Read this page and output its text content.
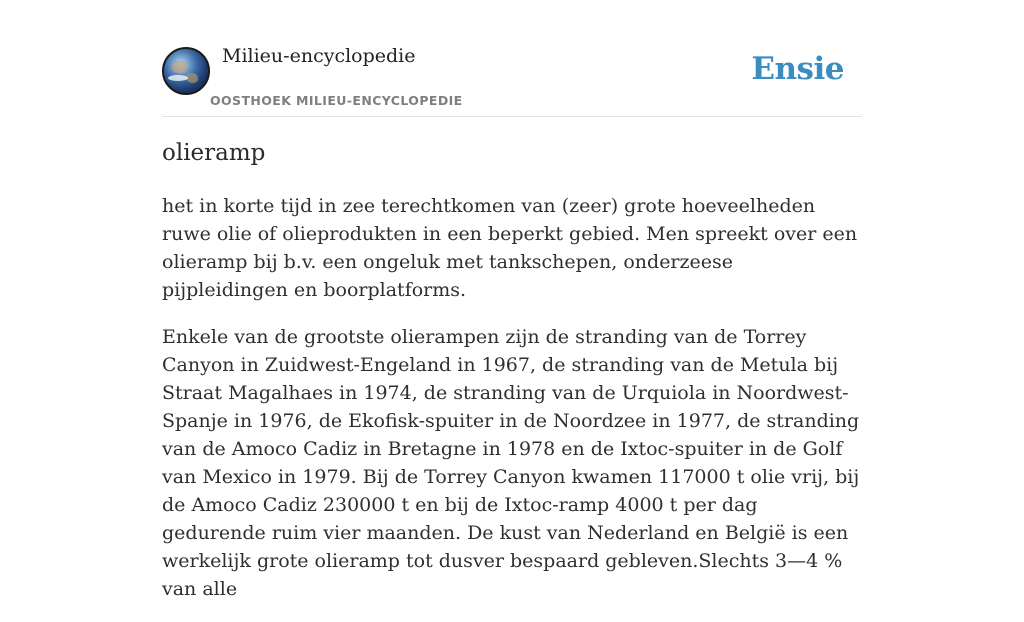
Milieu-encyclopedie
OOSTHOEK MILIEU-ENCYCLOPEDIE
Ensie
olieramp

het in korte tijd in zee terechtkomen van (zeer) grote hoeveelheden ruwe olie of olieprodukten in een beperkt gebied. Men spreekt over een olieramp bij b.v. een ongeluk met tankschepen, onderzeese pijpleidingen en boorplatforms.

Enkele van de grootste olierampen zijn de stranding van de Torrey Canyon in Zuidwest-Engeland in 1967, de stranding van de Metula bij Straat Magalhaes in 1974, de stranding van de Urquiola in Noordwest-Spanje in 1976, de Ekofisk-spuiter in de Noordzee in 1977, de stranding van de Amoco Cadiz in Bretagne in 1978 en de Ixtoc-spuiter in de Golf van Mexico in 1979. Bij de Torrey Canyon kwamen 117000 t olie vrij, bij de Amoco Cadiz 230000 t en bij de Ixtoc-ramp 4000 t per dag gedurende ruim vier maanden. De kust van Nederland en België is een werkelijk grote olieramp tot dusver bespaard gebleven.Slechts 3—4 % van alle
